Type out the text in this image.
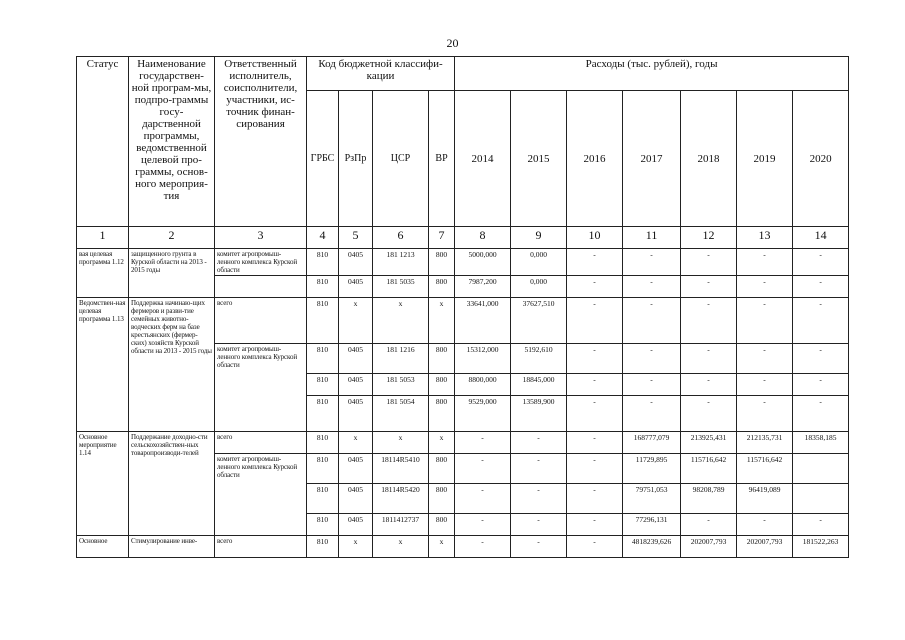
20
Статус	Наименование государствен-ной програм-мы, подпро-граммы госу-дарственной программы, ведомственной целевой про-граммы, основ-ного мероприя-тия	Ответственный исполнитель, соисполнители, участники, ис-точник финан-сирования	Код бюджетной классифи-кации				Расходы (тыс. рублей), годы						
			ГРБС	РзПр	ЦСР	ВР	2014	2015	2016	2017	2018	2019	2020
1	2	3	4	5	6	7	8	9	10	11	12	13	14
вая целевая программа 1.12	защищенного грунта в Курской области на 2013 - 2015 годы	комитет агропромыш-ленного комплекса Курской области	810	0405	181 1213	800	5000,000	0,000	-	-	-	-	-
			810	0405	181 5035	800	7987,200	0,000	-	-	-	-	-
Ведомствен-ная целевая программа 1.13	Поддержка начинаю-щих фермеров и разви-тие семейных животно-водческих ферм на базе крестьянских (фермер-ских) хозяйств Курской области на 2013 - 2015 годы	всего	810	х	х	х	33641,000	37627,510	-	-	-	-	-
		комитет агропромыш-ленного комплекса Курской области	810	0405	181 1216	800	15312,000	5192,610	-	-	-	-	-
			810	0405	181 5053	800	8800,000	18845,000	-	-	-	-	-
			810	0405	181 5054	800	9529,000	13589,900	-	-	-	-	-
Основное мероприятие 1.14	Поддержание доходно-сти сельскохозяйствен-ных товаропроизводи-телей	всего	810	х	х	х	-	-	-	168777,079	213925,431	212135,731	18358,185
		комитет агропромыш-ленного комплекса Курской области	810	0405	18114R5410	800	-	-	-	11729,895	115716,642	115716,642	
			810	0405	18114R5420	800	-	-	-	79751,053	98208,789	96419,089	
			810	0405	1811412737	800	-	-	-	77296,131	-	-	-
Основное	Стимулирование инве-	всего	810	х	х	х	-	-	-	4818239,626	202007,793	202007,793	181522,263
